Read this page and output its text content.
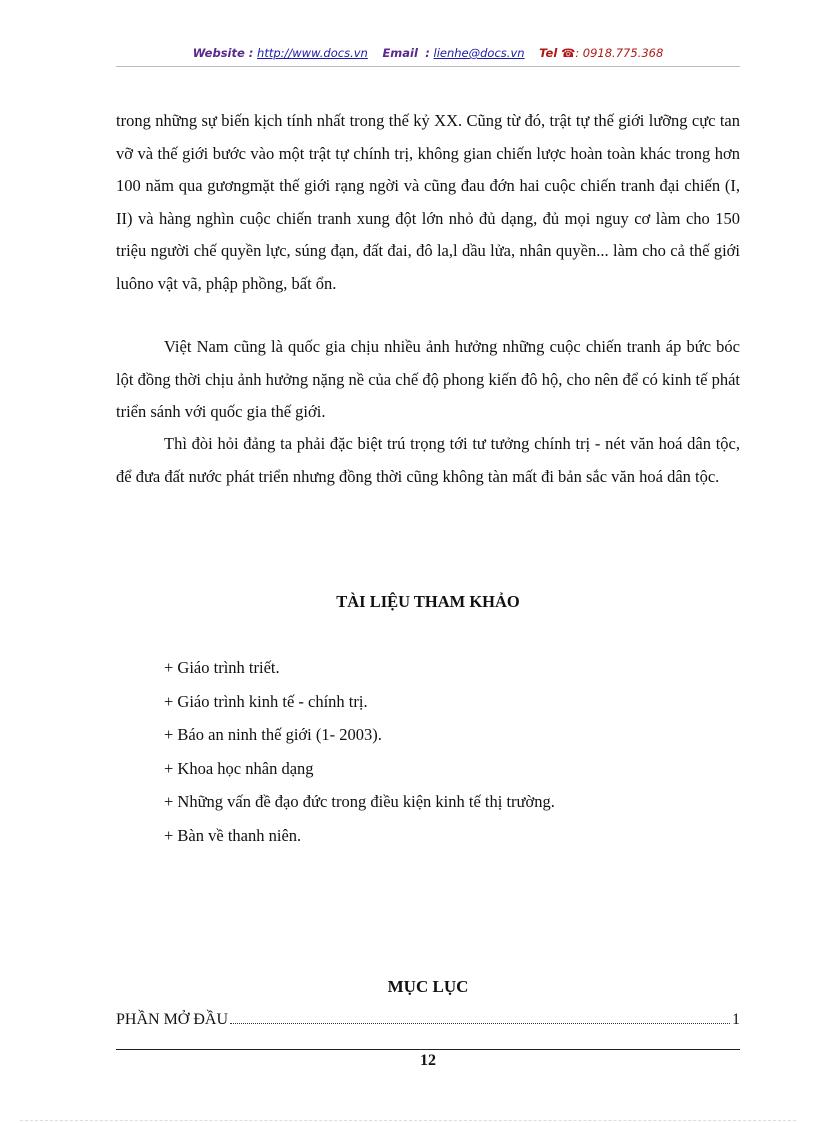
Website : http://www.docs.vn Email : lienhe@docs.vn Tel ☎: 0918.775.368

trong những sự biến kịch tính nhất trong thế kỷ XX. Cũng từ đó, trật tự thế giới lưỡng cực tan vỡ và thế giới bước vào một trật tự chính trị, không gian chiến lược hoàn toàn khác trong hơn 100 năm qua gươngmặt thế giới rạng ngời và cũng đau đớn hai cuộc chiến tranh đại chiến (I, II) và hàng nghìn cuộc chiến tranh xung đột lớn nhỏ đủ dạng, đủ mọi nguy cơ làm cho 150 triệu người chế quyền lực, súng đạn, đất đai, đô la,l dầu lửa, nhân quyền... làm cho cả thế giới luôno vật vã, phập phồng, bất ổn.

Việt Nam cũng là quốc gia chịu nhiều ảnh hưởng những cuộc chiến tranh áp bức bóc lột đồng thời chịu ảnh hưởng nặng nề của chế độ phong kiến đô hộ, cho nên để có kinh tế phát triển sánh với quốc gia thế giới.

Thì đòi hỏi đảng ta phải đặc biệt trú trọng tới tư tưởng chính trị - nét văn hoá dân tộc, để đưa đất nước phát triển nhưng đồng thời cũng không tàn mất đi bản sắc văn hoá dân tộc.

TÀI LIỆU THAM KHẢO
+ Giáo trình triết.
+ Giáo trình kinh tế - chính trị.
+ Báo an ninh thế giới (1- 2003).
+ Khoa học nhân dạng
+ Những vấn đề đạo đức trong điều kiện kinh tế thị trường.
+ Bàn về thanh niên.
MỤC LỤC
PHẦN MỞ ĐẦU	1
12
